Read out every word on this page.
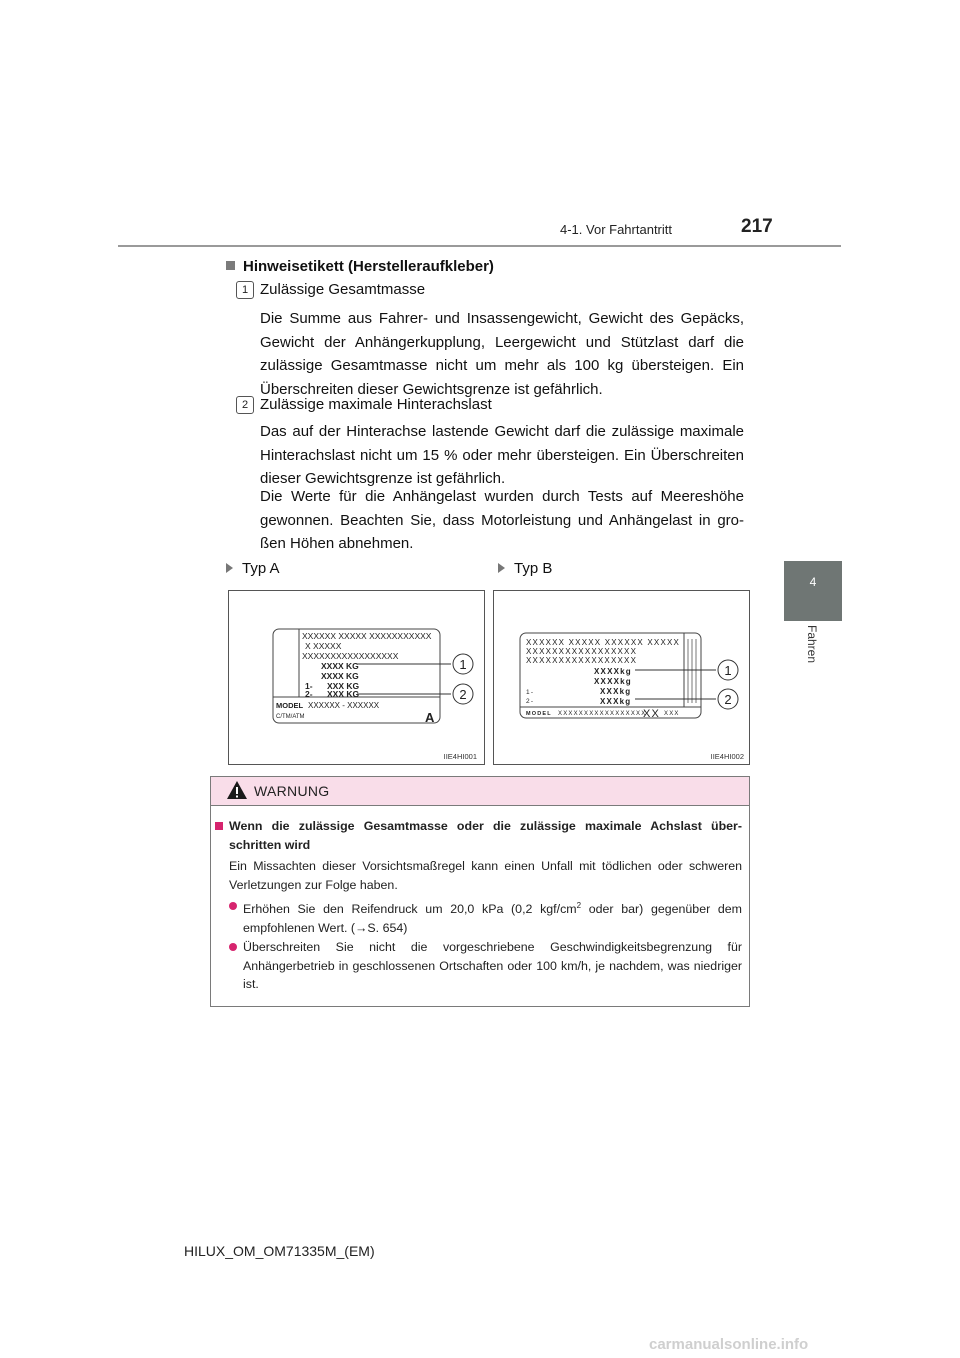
4-1. Vor Fahrtantritt	217
4
Fahren
Hinweisetikett (Herstelleraufkleber)
1 Zulässige Gesamtmasse
Die Summe aus Fahrer- und Insassengewicht, Gewicht des Gepäcks, Gewicht der Anhängerkupplung, Leergewicht und Stützlast darf die zulässige Gesamtmasse nicht um mehr als 100 kg übersteigen. Ein Überschreiten dieser Gewichtsgrenze ist gefährlich.
2 Zulässige maximale Hinterachslast
Das auf der Hinterachse lastende Gewicht darf die zulässige maximale Hinterachslast nicht um 15 % oder mehr übersteigen. Ein Überschreiten dieser Gewichtsgrenze ist gefährlich.
Die Werte für die Anhängelast wurden durch Tests auf Meereshöhe gewonnen. Beachten Sie, dass Motorleistung und Anhängelast in gro-ßen Höhen abnehmen.
Typ A	Typ B
XXXXXX XXXXX XXXXXXXXXXX
X XXXXX
XXXXXXXXXXXXXXXXX
XXXX KG
XXXX KG
XXX KG
XXX KG
1-
2-
MODEL XXXXXX - XXXXXX
C/TM/ATM	A
1
2
IIE4HI001
XXXXXX XXXXX XXXXXX XXXXX
XXXXXXXXXXXXXXXXX
XXXXXXXXXXXXXXXXX
XXXXkg
XXXXkg
XXXkg
XXXkg
1-
2-
MODEL XXXXXXXXXXXXXXXXX
XX XXX
1
2
IIE4HI002
WARNUNG
Wenn die zulässige Gesamtmasse oder die zulässige maximale Achslast über-schritten wird
Ein Missachten dieser Vorsichtsmaßregel kann einen Unfall mit tödlichen oder schweren Verletzungen zur Folge haben.
Erhöhen Sie den Reifendruck um 20,0 kPa (0,2 kgf/$cm^2$ oder bar) gegenüber dem empfohlenen Wert. (→S. 654)
Überschreiten Sie nicht die vorgeschriebene Geschwindigkeitsbegrenzung für Anhängerbetrieb in geschlossenen Ortschaften oder 100 km/h, je nachdem, was niedriger ist.
HILUX_OM_OM71335M_(EM)
carmanualsonline.info
